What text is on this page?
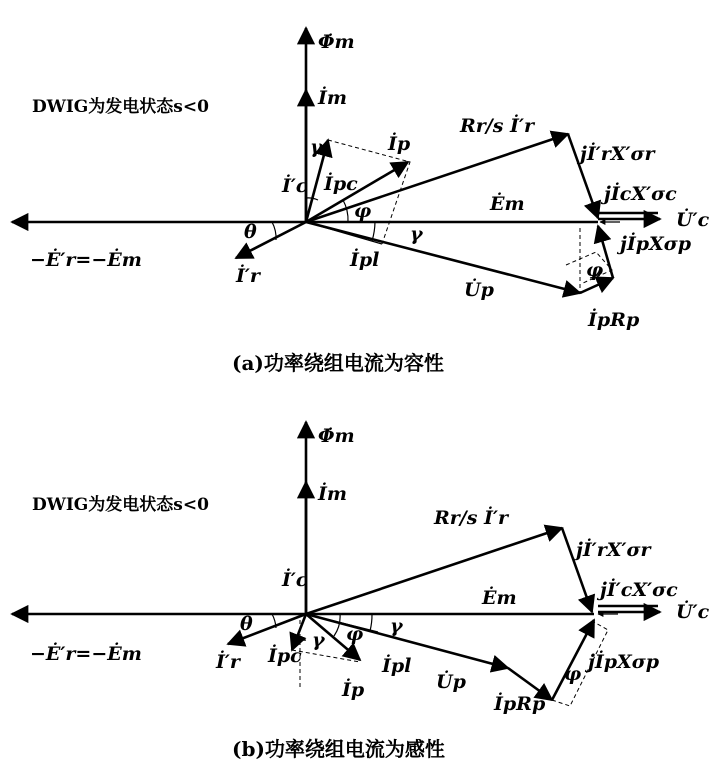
Φ̇m
İm
DWIG为发电状态s<0
İp
İpc
İ′c
İpl
İ′r
−Ė′r=−Ėm
Ėm
U̇p
U̇′c
Rr/s İ′r
jİ′rX′σr
jİcX′σc
jİpXσp
İpRp
θ
φ
γ
γ
φ
(a)功率绕组电流为容性
Φ̇m
İm
DWIG为发电状态s<0
İ′c
İpc
İp
İpl
İ′r
−Ė′r=−Ėm
Ėm
U̇p
U̇′c
Rr/s İ′r
jİ′rX′σr
jİ′cX′σc
jİpXσp
İpRp
θ	φ γ
γ
φ
(b)功率绕组电流为感性
